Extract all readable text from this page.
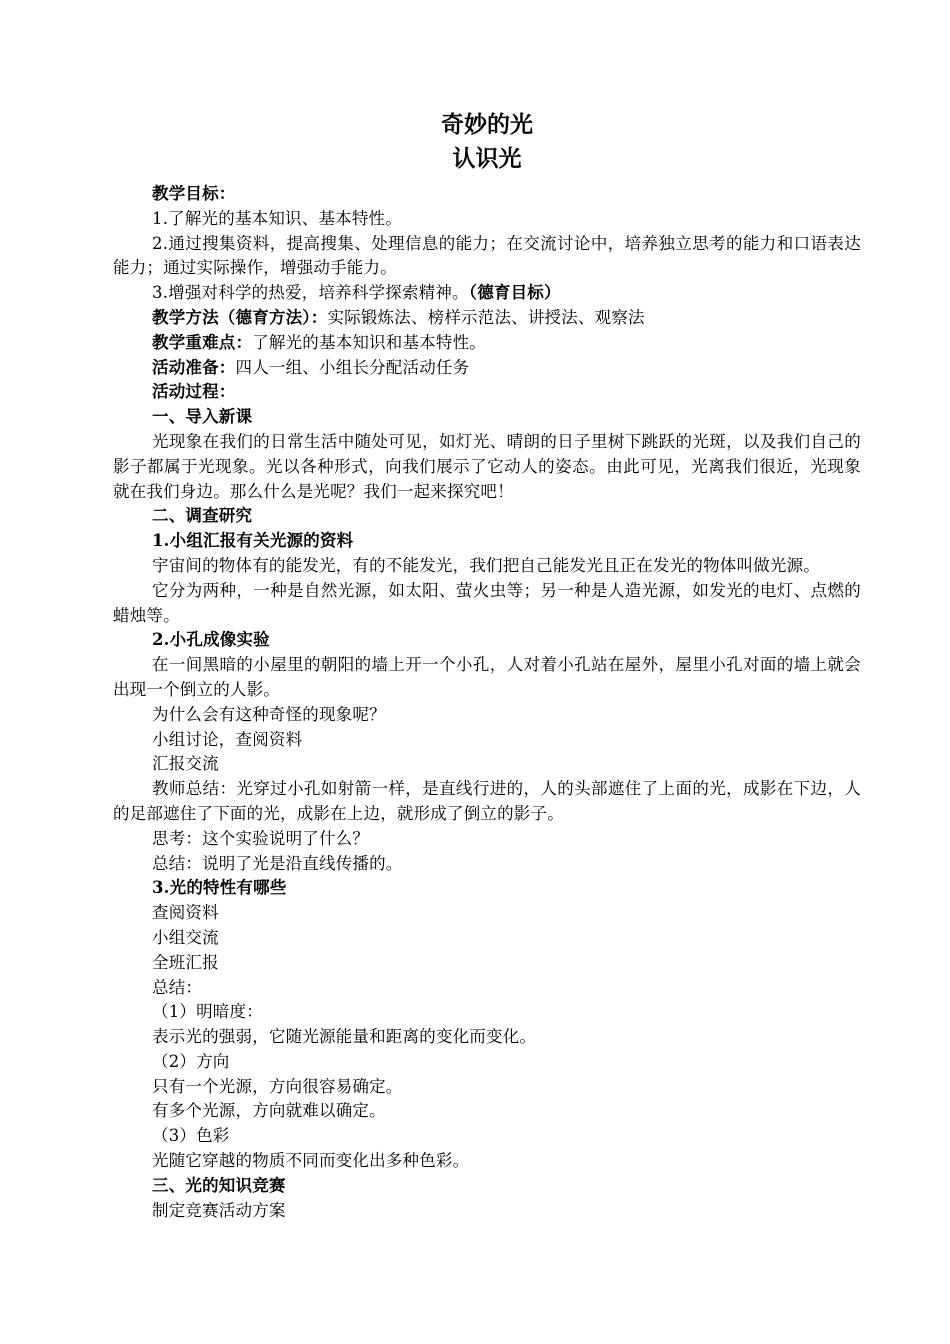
奇妙的光
认识光

教学目标：

1.了解光的基本知识、基本特性。

2.通过搜集资料，提高搜集、处理信息的能力；在交流讨论中，培养独立思考的能力和口语表达能力；通过实际操作，增强动手能力。

3.增强对科学的热爱，培养科学探索精神。（德育目标）

教学方法（德育方法）：实际锻炼法、榜样示范法、讲授法、观察法

教学重难点：了解光的基本知识和基本特性。

活动准备：四人一组、小组长分配活动任务

活动过程：

一、导入新课

光现象在我们的日常生活中随处可见，如灯光、晴朗的日子里树下跳跃的光斑，以及我们自己的影子都属于光现象。光以各种形式，向我们展示了它动人的姿态。由此可见，光离我们很近，光现象就在我们身边。那么什么是光呢？我们一起来探究吧！

二、调查研究

1.小组汇报有关光源的资料

宇宙间的物体有的能发光，有的不能发光，我们把自己能发光且正在发光的物体叫做光源。

它分为两种，一种是自然光源，如太阳、萤火虫等；另一种是人造光源，如发光的电灯、点燃的蜡烛等。

2.小孔成像实验

在一间黑暗的小屋里的朝阳的墙上开一个小孔，人对着小孔站在屋外，屋里小孔对面的墙上就会出现一个倒立的人影。

为什么会有这种奇怪的现象呢？

小组讨论，查阅资料

汇报交流

教师总结：光穿过小孔如射箭一样，是直线行进的，人的头部遮住了上面的光，成影在下边，人的足部遮住了下面的光，成影在上边，就形成了倒立的影子。

思考：这个实验说明了什么？

总结：说明了光是沿直线传播的。

3.光的特性有哪些

查阅资料

小组交流

全班汇报

总结：

（1）明暗度：

表示光的强弱，它随光源能量和距离的变化而变化。

（2）方向

只有一个光源，方向很容易确定。

有多个光源，方向就难以确定。

（3）色彩

光随它穿越的物质不同而变化出多种色彩。

三、光的知识竞赛

制定竞赛活动方案
